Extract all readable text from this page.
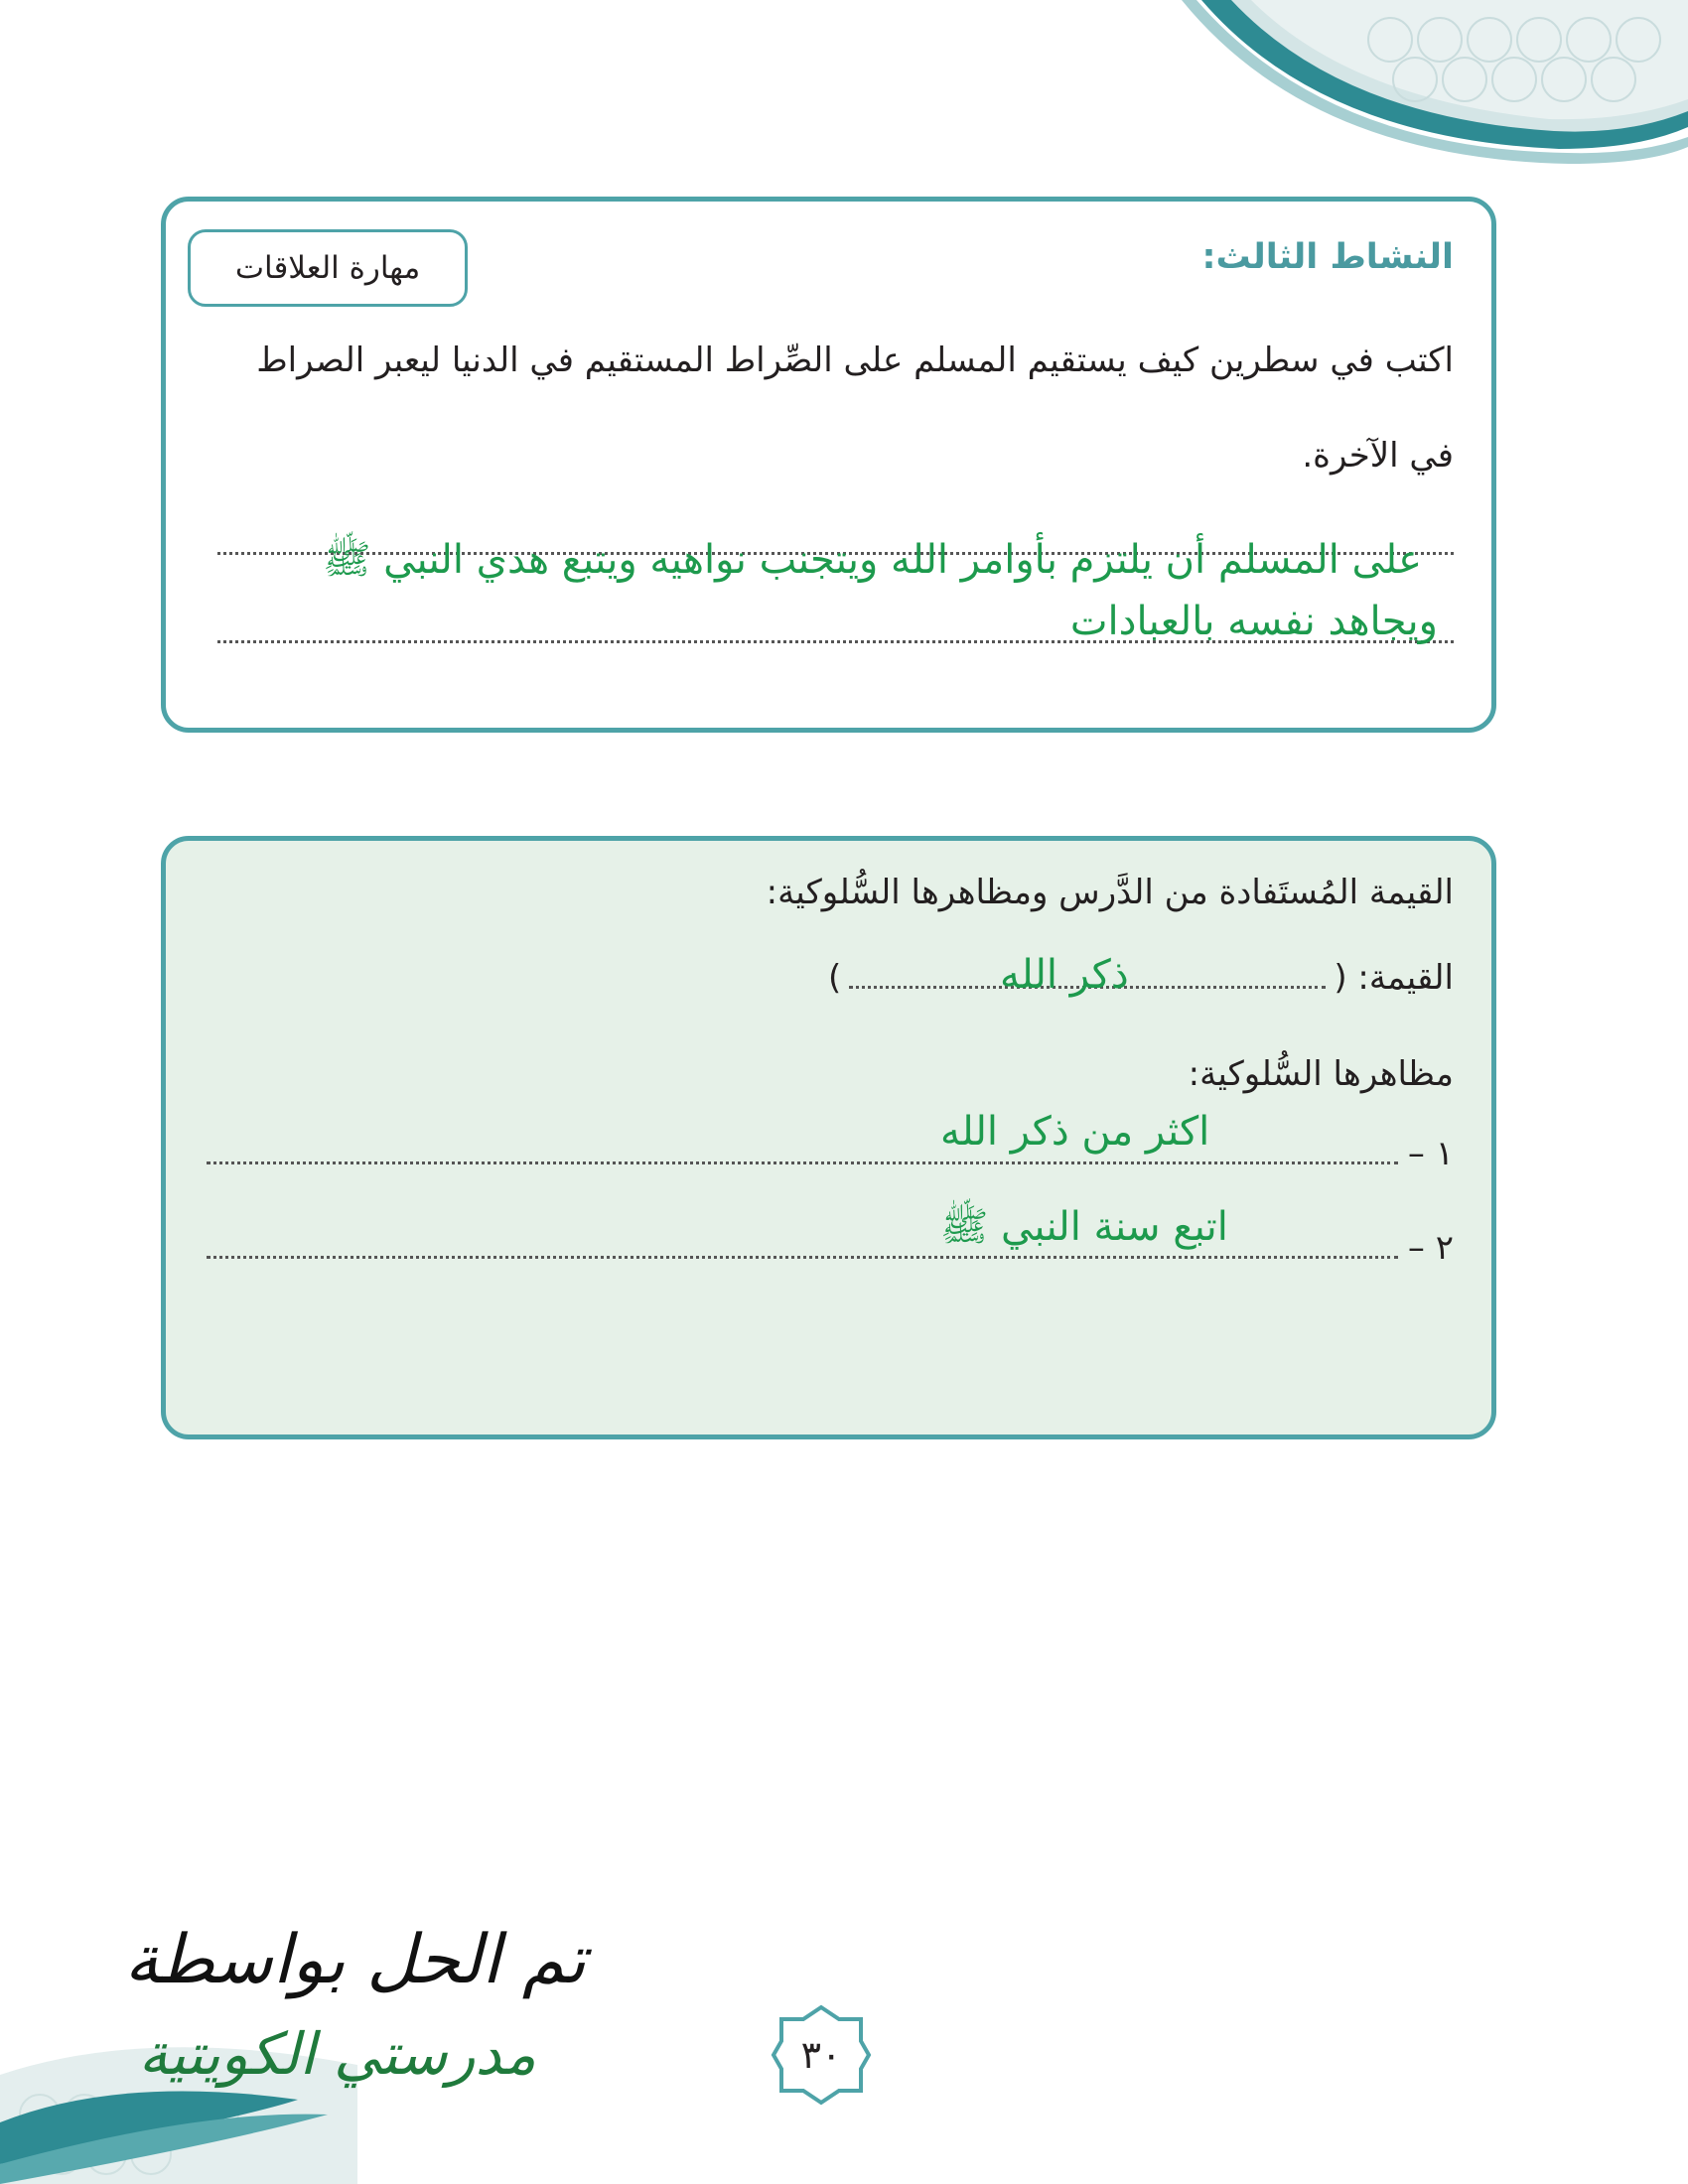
النشاط الثالث:
مهارة العلاقات
اكتب في سطرين كيف يستقيم المسلم على الصِّراط المستقيم في الدنيا ليعبر الصراط
في الآخرة.
على المسلم أن يلتزم بأوامر الله ويتجنب نواهيه ويتبع هدي النبي ﷺ
ويجاهد نفسه بالعبادات
القيمة المُستَفادة من الدَّرس ومظاهرها السُّلوكية:
القيمة: (
)	ذكر الله
مظاهرها السُّلوكية:
١ –
اكثر من ذكر الله
٢ –
اتبع سنة النبي ﷺ
٣٠
تم الحل بواسطة
مدرستي الكويتية
